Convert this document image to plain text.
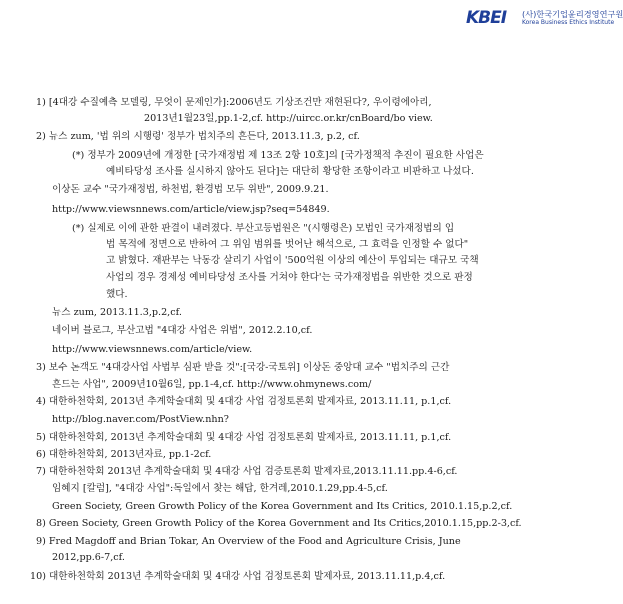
KBEI	(사)한국기업윤리경영연구원
Korea Business Ethics Institute
1) [4대강 수질예측 모델링, 무엇이 문제인가]:2006년도 기상조건만 재현된다?, 우이령에아리,
2013년1월23일,pp.1-2,cf. http://uircc.or.kr/cnBoard/bo view.
2) 뉴스 zum, '법 위의 시행령' 정부가 법치주의 흔든다, 2013.11.3, p.2, cf.
(*) 정부가 2009년에 개정한 [국가재정법 제 13조 2항 10호]의 [국가정책적 추진이 필요한 사업은
예비타당성 조사를 실시하지 않아도 된다]는 대단히 황당한 조항이라고 비판하고 나섰다.
이상돈 교수 "국가재정법, 하천법, 환경법 모두 위반", 2009.9.21.
http://www.viewsnnews.com/article/view.jsp?seq=54849.
(*) 실제로 이에 관한 판결이 내려졌다. 부산고등법원은 "(시행령은) 모법인 국가재정법의 입
법 목적에 정면으로 반하여 그 위임 범위를 벗어난 해석으로, 그 효력을 인정할 수 없다"
고 밝혔다. 재판부는 낙동강 살리기 사업이 '500억원 이상의 예산이 투입되는 대규모 국책
사업의 경우 경제성 예비타당성 조사를 거쳐야 한다'는 국가재정법을 위반한 것으로 판정
했다.
뉴스 zum, 2013.11.3,p.2,cf.
네이버 블로그, 부산고법 "4대강 사업은 위법", 2012.2.10,cf.
http://www.viewsnnews.com/article/view.
3) 보수 논객도 "4대강사업 사법부 심판 받을 것":[국강-국토위] 이상돈 중앙대 교수 "법치주의 근간
흔드는 사업", 2009년10월6일, pp.1-4,cf. http://www.ohmynews.com/
4) 대한하천학회, 2013년 추계학술대회 및 4대강 사업 검정토론회 발제자료, 2013.11.11, p.1,cf.
http://blog.naver.com/PostView.nhn?
5) 대한하천학회, 2013년 추계학술대회 및 4대강 사업 검정토론회 발제자료, 2013.11.11, p.1,cf.
6) 대한하천학회, 2013년자료, pp.1-2cf.
7) 대한하천학회 2013년 추계학술대회 및 4대강 사업 검증토론회 발제자료,2013.11.11.pp.4-6,cf.
임혜지 [칼럼], "4대강 사업":독일에서 찾는 해답, 한겨레,2010.1.29,pp.4-5,cf.
Green Society, Green Growth Policy of the Korea Government and Its Critics, 2010.1.15,p.2,cf.
8) Green Society, Green Growth Policy of the Korea Government and Its Critics,2010.1.15,pp.2-3,cf.
9) Fred Magdoff and Brian Tokar, An Overview of the Food and Agriculture Crisis, June
2012,pp.6-7,cf.
10) 대한하천학회 2013년 추계학술대회 및 4대강 사업 검정토론회 발제자료, 2013.11.11,p.4,cf.
